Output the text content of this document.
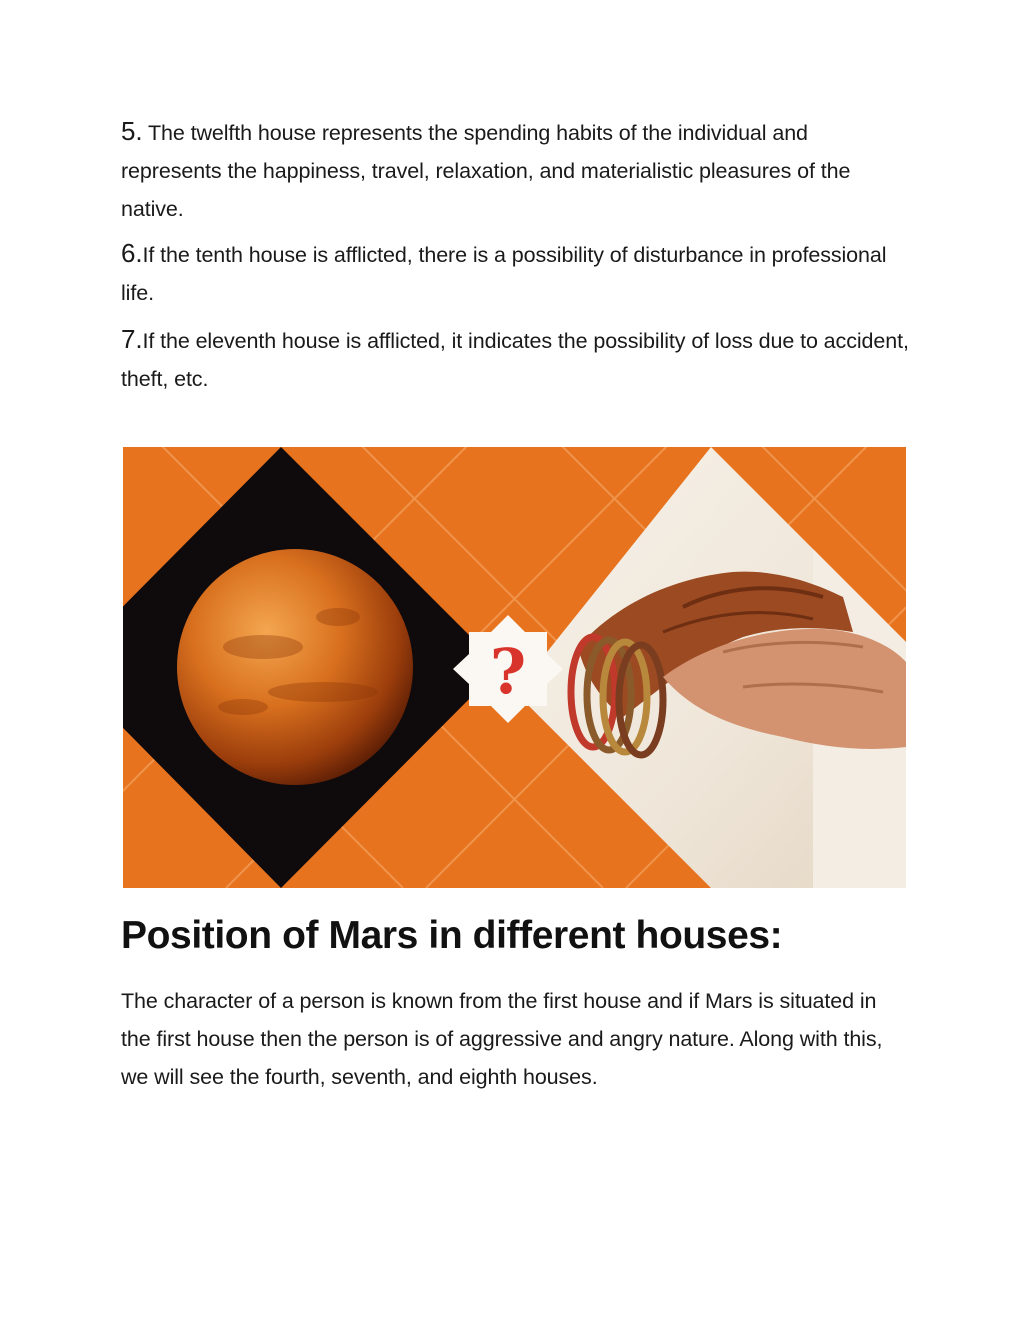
5. The twelfth house represents the spending habits of the individual and represents the happiness, travel, relaxation, and materialistic pleasures of the native.

6.If the tenth house is afflicted, there is a possibility of disturbance in professional life.

7.If the eleventh house is afflicted, it indicates the possibility of loss due to accident, theft, etc.

?
Position of Mars in different houses:

The character of a person is known from the first house and if Mars is situated in the first house then the person is of aggressive and angry nature. Along with this, we will see the fourth, seventh, and eighth houses.
